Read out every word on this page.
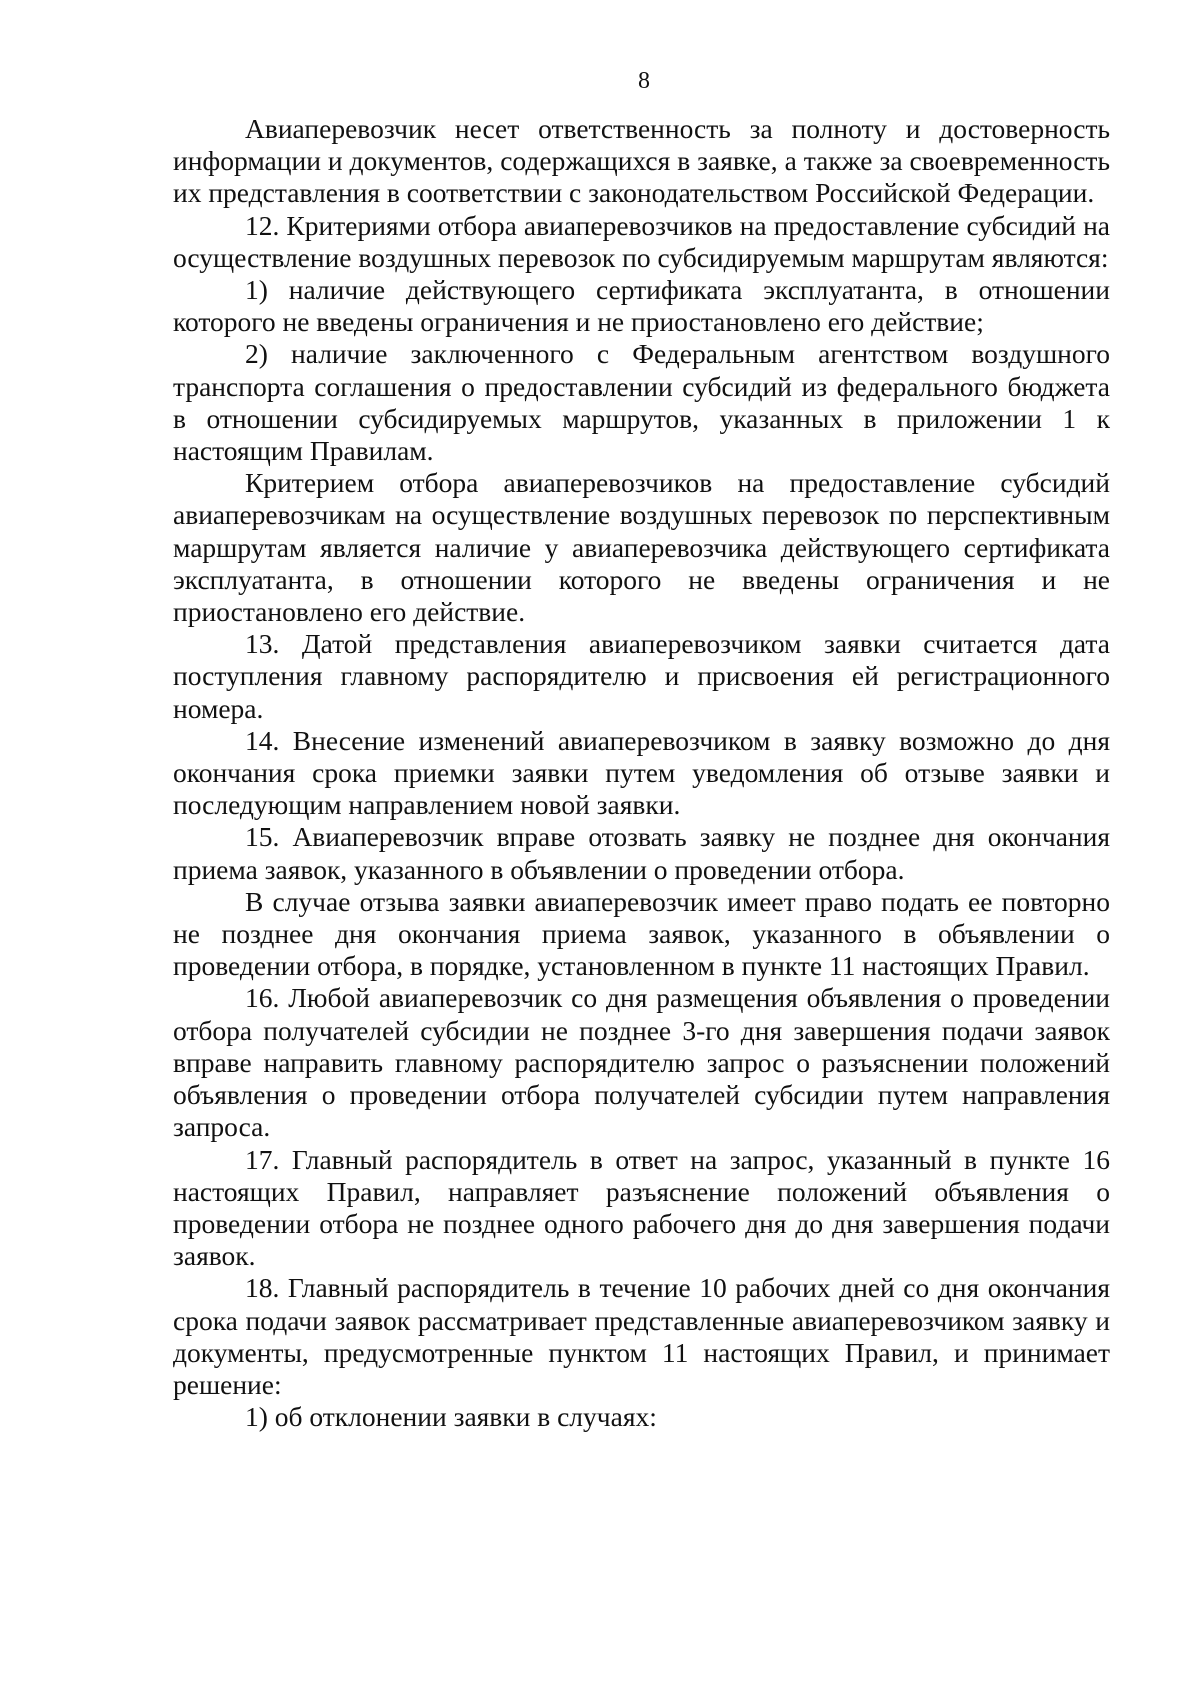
8

Авиаперевозчик несет ответственность за полноту и достоверность информации и документов, содержащихся в заявке, а также за своевременность их представления в соответствии с законодательством Российской Федерации.

12. Критериями отбора авиаперевозчиков на предоставление субсидий на осуществление воздушных перевозок по субсидируемым маршрутам являются:

1) наличие действующего сертификата эксплуатанта, в отношении которого не введены ограничения и не приостановлено его действие;

2) наличие заключенного с Федеральным агентством воздушного транспорта соглашения о предоставлении субсидий из федерального бюджета в отношении субсидируемых маршрутов, указанных в приложении 1 к настоящим Правилам.

Критерием отбора авиаперевозчиков на предоставление субсидий авиаперевозчикам на осуществление воздушных перевозок по перспективным маршрутам является наличие у авиаперевозчика действующего сертификата эксплуатанта, в отношении которого не введены ограничения и не приостановлено его действие.

13. Датой представления авиаперевозчиком заявки считается дата поступления главному распорядителю и присвоения ей регистрационного номера.

14. Внесение изменений авиаперевозчиком в заявку возможно до дня окончания срока приемки заявки путем уведомления об отзыве заявки и последующим направлением новой заявки.

15. Авиаперевозчик вправе отозвать заявку не позднее дня окончания приема заявок, указанного в объявлении о проведении отбора.

В случае отзыва заявки авиаперевозчик имеет право подать ее повторно не позднее дня окончания приема заявок, указанного в объявлении о проведении отбора, в порядке, установленном в пункте 11 настоящих Правил.

16. Любой авиаперевозчик со дня размещения объявления о проведении отбора получателей субсидии не позднее 3-го дня завершения подачи заявок вправе направить главному распорядителю запрос о разъяснении положений объявления о проведении отбора получателей субсидии путем направления запроса.

17. Главный распорядитель в ответ на запрос, указанный в пункте 16 настоящих Правил, направляет разъяснение положений объявления о проведении отбора не позднее одного рабочего дня до дня завершения подачи заявок.

18. Главный распорядитель в течение 10 рабочих дней со дня окончания срока подачи заявок рассматривает представленные авиаперевозчиком заявку и документы, предусмотренные пунктом 11 настоящих Правил, и принимает решение:

1) об отклонении заявки в случаях:
